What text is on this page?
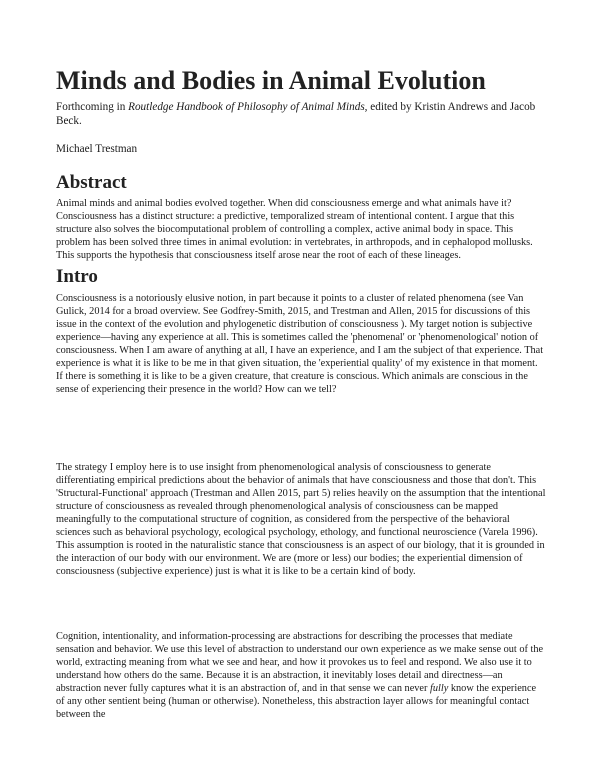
Minds and Bodies in Animal Evolution

Forthcoming in Routledge Handbook of Philosophy of Animal Minds, edited by Kristin Andrews and Jacob Beck.

Michael Trestman

Abstract

Animal minds and animal bodies evolved together. When did consciousness emerge and what animals have it? Consciousness has a distinct structure: a predictive, temporalized stream of intentional content. I argue that this structure also solves the biocomputational problem of controlling a complex, active animal body in space. This problem has been solved three times in animal evolution: in vertebrates, in arthropods, and in cephalopod mollusks. This supports the hypothesis that consciousness itself arose near the root of each of these lineages.

Intro

Consciousness is a notoriously elusive notion, in part because it points to a cluster of related phenomena (see Van Gulick, 2014 for a broad overview. See Godfrey-Smith, 2015, and Trestman and Allen, 2015 for discussions of this issue in the context of the evolution and phylogenetic distribution of consciousness ). My target notion is subjective experience—having any experience at all. This is sometimes called the 'phenomenal' or 'phenomenological' notion of consciousness. When I am aware of anything at all, I have an experience, and I am the subject of that experience. That experience is what it is like to be me in that given situation, the 'experiential quality' of my existence in that moment. If there is something it is like to be a given creature, that creature is conscious. Which animals are conscious in the sense of experiencing their presence in the world? How can we tell?

The strategy I employ here is to use insight from phenomenological analysis of consciousness to generate differentiating empirical predictions about the behavior of animals that have consciousness and those that don't. This 'Structural-Functional' approach (Trestman and Allen 2015, part 5) relies heavily on the assumption that the intentional structure of consciousness as revealed through phenomenological analysis of consciousness can be mapped meaningfully to the computational structure of cognition, as considered from the perspective of the behavioral sciences such as behavioral psychology, ecological psychology, ethology, and functional neuroscience (Varela 1996). This assumption is rooted in the naturalistic stance that consciousness is an aspect of our biology, that it is grounded in the interaction of our body with our environment. We are (more or less) our bodies; the experiential dimension of consciousness (subjective experience) just is what it is like to be a certain kind of body.

Cognition, intentionality, and information-processing are abstractions for describing the processes that mediate sensation and behavior. We use this level of abstraction to understand our own experience as we make sense out of the world, extracting meaning from what we see and hear, and how it provokes us to feel and respond. We also use it to understand how others do the same. Because it is an abstraction, it inevitably loses detail and directness—an abstraction never fully captures what it is an abstraction of, and in that sense we can never fully know the experience of any other sentient being (human or otherwise). Nonetheless, this abstraction layer allows for meaningful contact between the
